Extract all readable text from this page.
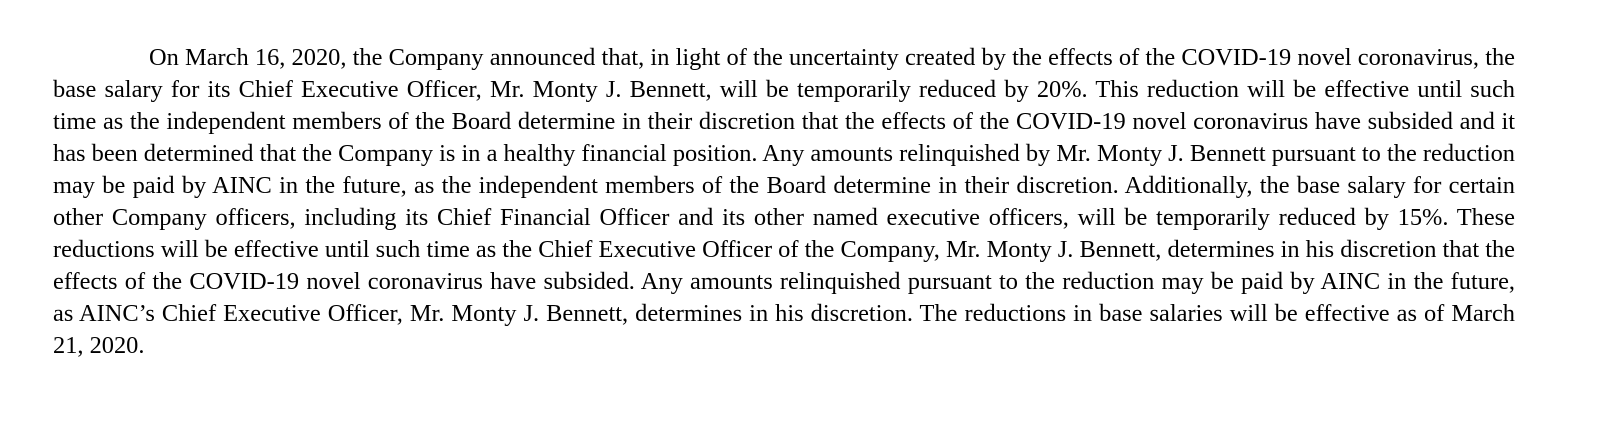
On March 16, 2020, the Company announced that, in light of the uncertainty created by the effects of the COVID-19 novel coronavirus, the base salary for its Chief Executive Officer, Mr. Monty J. Bennett, will be temporarily reduced by 20%. This reduction will be effective until such time as the independent members of the Board determine in their discretion that the effects of the COVID-19 novel coronavirus have subsided and it has been determined that the Company is in a healthy financial position. Any amounts relinquished by Mr. Monty J. Bennett pursuant to the reduction may be paid by AINC in the future, as the independent members of the Board determine in their discretion. Additionally, the base salary for certain other Company officers, including its Chief Financial Officer and its other named executive officers, will be temporarily reduced by 15%. These reductions will be effective until such time as the Chief Executive Officer of the Company, Mr. Monty J. Bennett, determines in his discretion that the effects of the COVID-19 novel coronavirus have subsided. Any amounts relinquished pursuant to the reduction may be paid by AINC in the future, as AINC’s Chief Executive Officer, Mr. Monty J. Bennett, determines in his discretion. The reductions in base salaries will be effective as of March 21, 2020.
